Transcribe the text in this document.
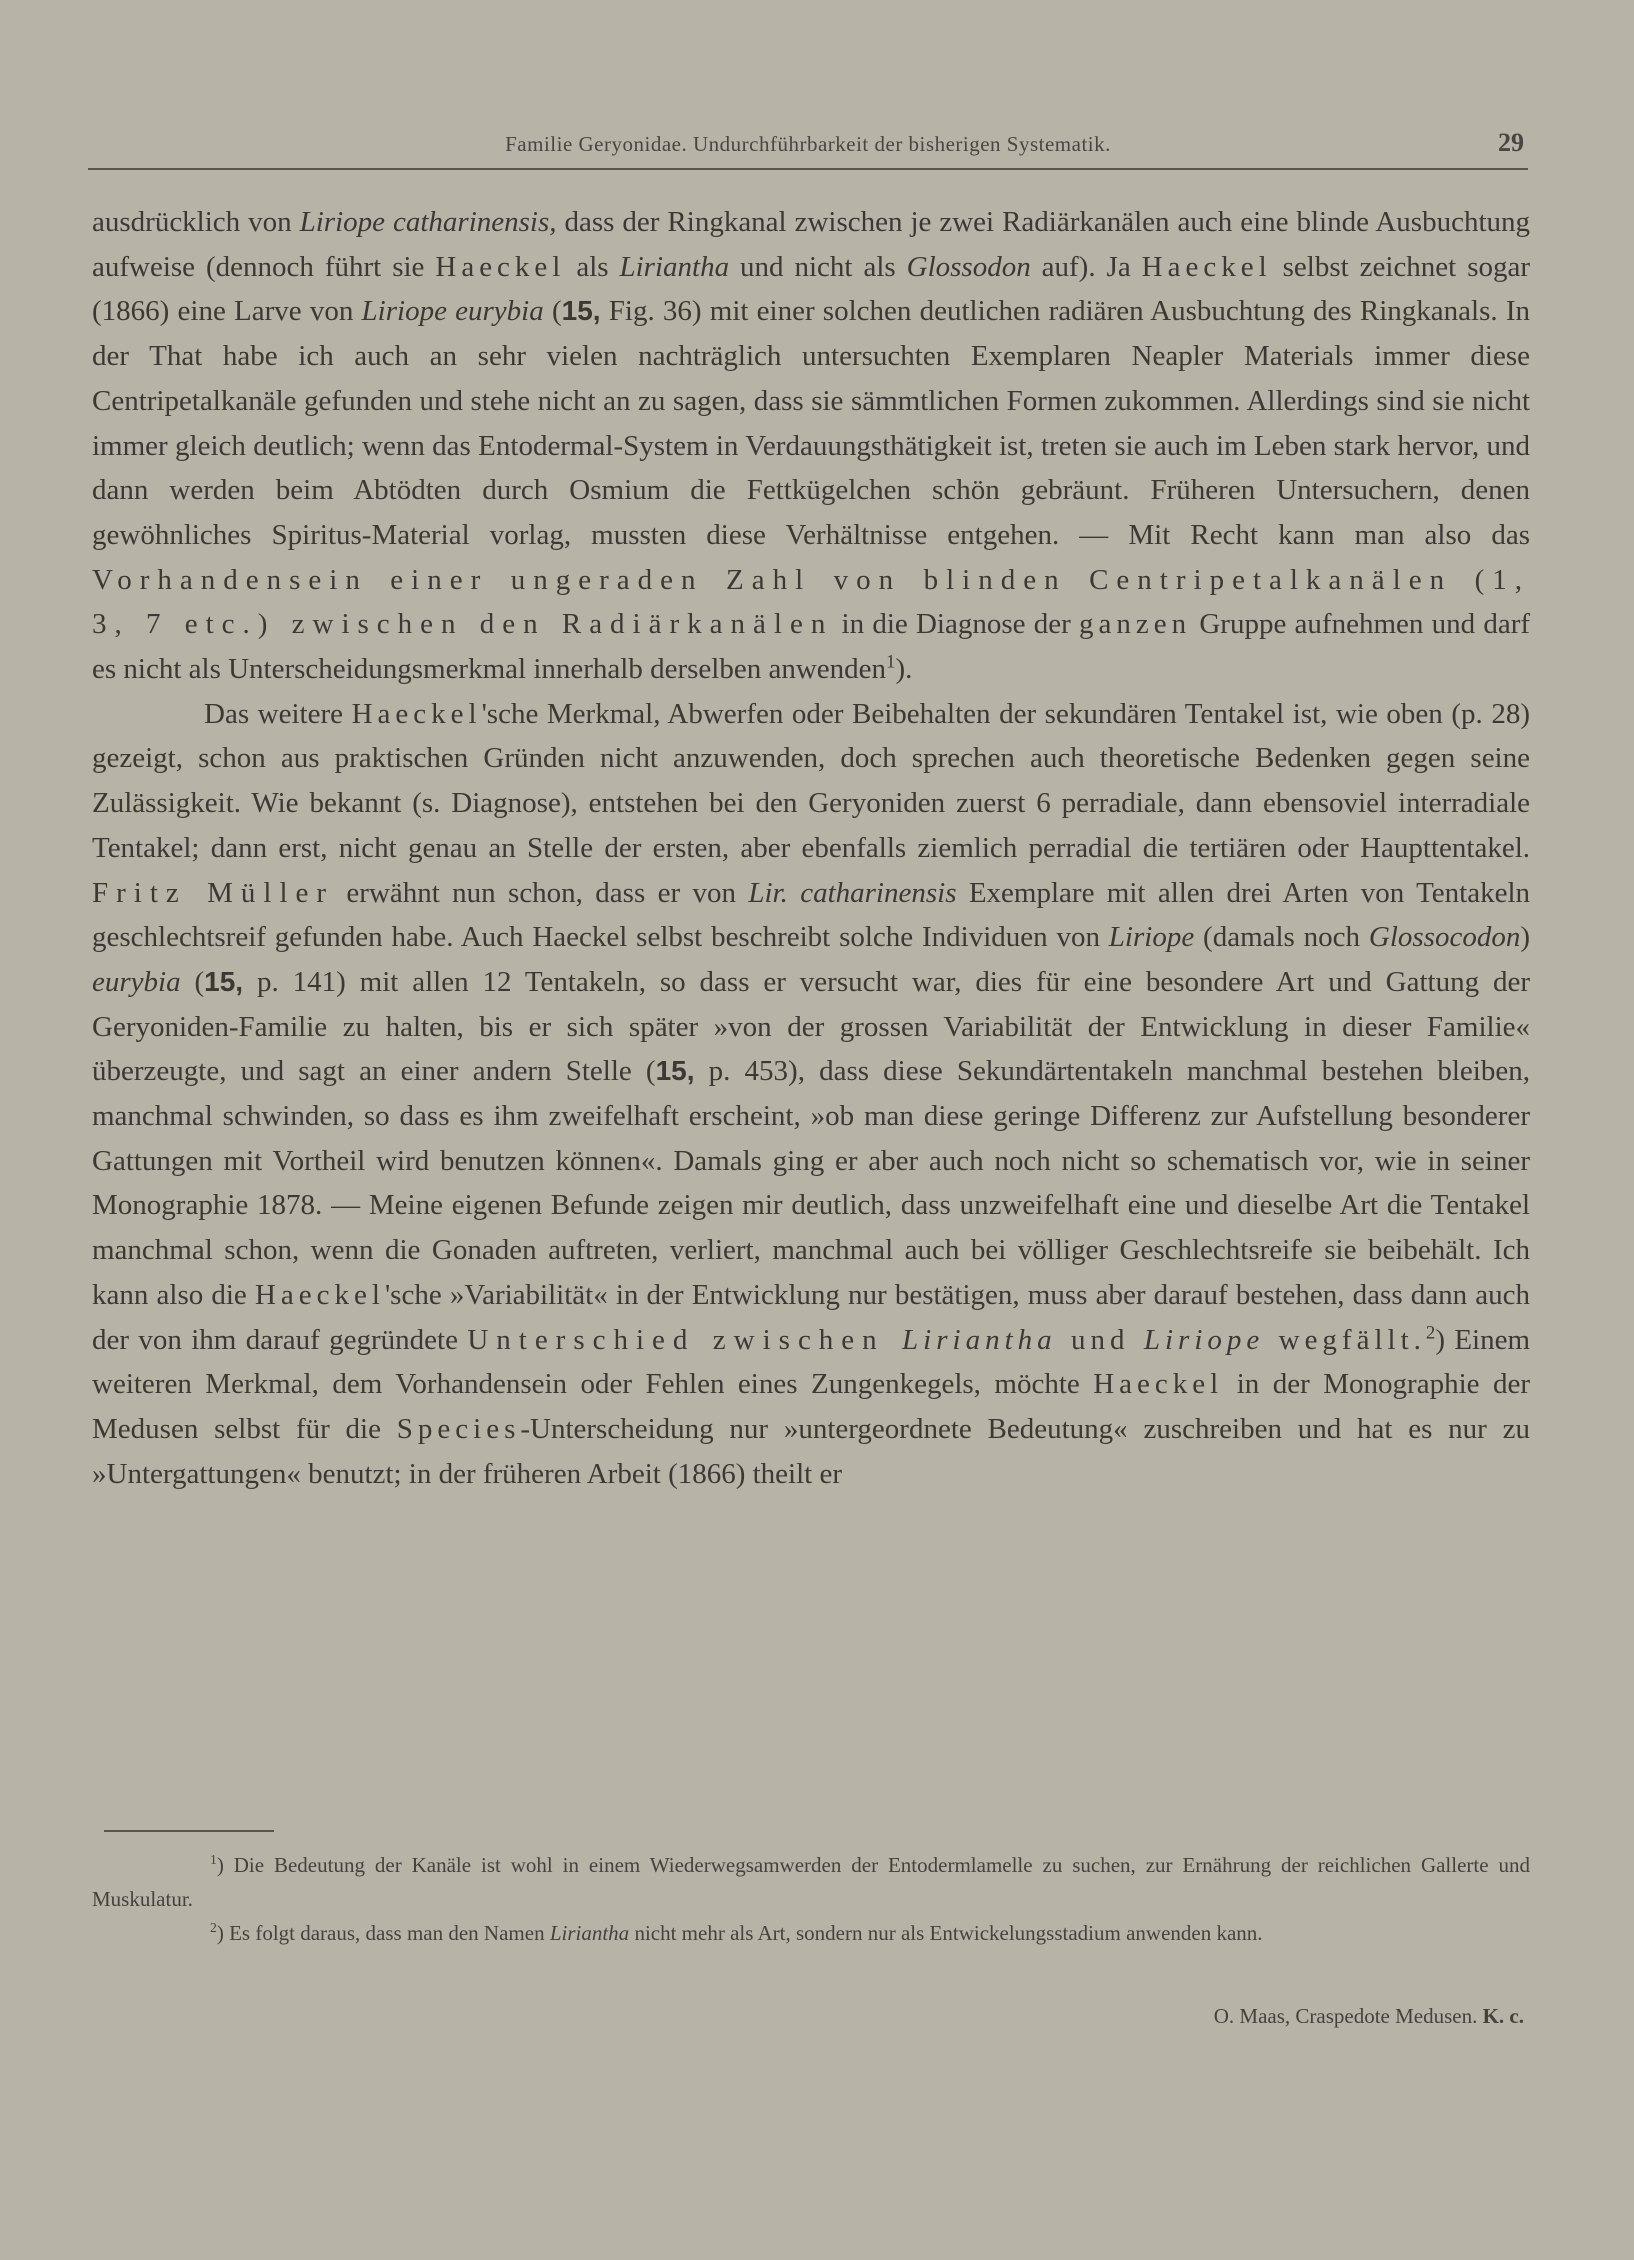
Familie Geryonidae. Undurchführbarkeit der bisherigen Systematik.	29

ausdrücklich von Liriope catharinensis, dass der Ringkanal zwischen je zwei Radiärkanälen auch eine blinde Ausbuchtung aufweise (dennoch führt sie Haeckel als Liriantha und nicht als Glossodon auf). Ja Haeckel selbst zeichnet sogar (1866) eine Larve von Liriope eurybia (15, Fig. 36) mit einer solchen deutlichen radiären Ausbuchtung des Ringkanals. In der That habe ich auch an sehr vielen nachträglich untersuchten Exemplaren Neapler Materials immer diese Centripetalkanäle gefunden und stehe nicht an zu sagen, dass sie sämmtlichen Formen zukommen. Allerdings sind sie nicht immer gleich deutlich; wenn das Entodermal-System in Verdauungsthätigkeit ist, treten sie auch im Leben stark hervor, und dann werden beim Abtödten durch Osmium die Fettkügelchen schön gebräunt. Früheren Untersuchern, denen gewöhnliches Spiritus-Material vorlag, mussten diese Verhältnisse entgehen. — Mit Recht kann man also das Vorhandensein einer ungeraden Zahl von blinden Centripetalkanälen (1, 3, 7 etc.) zwischen den Radiärkanälen in die Diagnose der ganzen Gruppe aufnehmen und darf es nicht als Unterscheidungsmerkmal innerhalb derselben anwenden$^1$).

Das weitere Haeckel'sche Merkmal, Abwerfen oder Beibehalten der sekundären Tentakel ist, wie oben (p. 28) gezeigt, schon aus praktischen Gründen nicht anzuwenden, doch sprechen auch theoretische Bedenken gegen seine Zulässigkeit. Wie bekannt (s. Diagnose), entstehen bei den Geryoniden zuerst 6 perradiale, dann ebensoviel interradiale Tentakel; dann erst, nicht genau an Stelle der ersten, aber ebenfalls ziemlich perradial die tertiären oder Haupttentakel. Fritz Müller erwähnt nun schon, dass er von Lir. catharinensis Exemplare mit allen drei Arten von Tentakeln geschlechtsreif gefunden habe. Auch Haeckel selbst beschreibt solche Individuen von Liriope (damals noch Glossocodon) eurybia (15, p. 141) mit allen 12 Tentakeln, so dass er versucht war, dies für eine besondere Art und Gattung der Geryoniden-Familie zu halten, bis er sich später »von der grossen Variabilität der Entwicklung in dieser Familie« überzeugte, und sagt an einer andern Stelle (15, p. 453), dass diese Sekundärtentakeln manchmal bestehen bleiben, manchmal schwinden, so dass es ihm zweifelhaft erscheint, »ob man diese geringe Differenz zur Aufstellung besonderer Gattungen mit Vortheil wird benutzen können«. Damals ging er aber auch noch nicht so schematisch vor, wie in seiner Monographie 1878. — Meine eigenen Befunde zeigen mir deutlich, dass unzweifelhaft eine und dieselbe Art die Tentakel manchmal schon, wenn die Gonaden auftreten, verliert, manchmal auch bei völliger Geschlechtsreife sie beibehält. Ich kann also die Haeckel'sche »Variabilität« in der Entwicklung nur bestätigen, muss aber darauf bestehen, dass dann auch der von ihm darauf gegründete Unterschied zwischen Liriantha und Liriope wegfällt.$^2$) Einem weiteren Merkmal, dem Vorhandensein oder Fehlen eines Zungenkegels, möchte Haeckel in der Monographie der Medusen selbst für die Species-Unterscheidung nur »untergeordnete Bedeutung« zuschreiben und hat es nur zu »Untergattungen« benutzt; in der früheren Arbeit (1866) theilt er

$^1$) Die Bedeutung der Kanäle ist wohl in einem Wiederwegsamwerden der Entodermlamelle zu suchen, zur Ernährung der reichlichen Gallerte und Muskulatur.

$^2$) Es folgt daraus, dass man den Namen Liriantha nicht mehr als Art, sondern nur als Entwickelungsstadium anwenden kann.

O. Maas, Craspedote Medusen. K. c.
